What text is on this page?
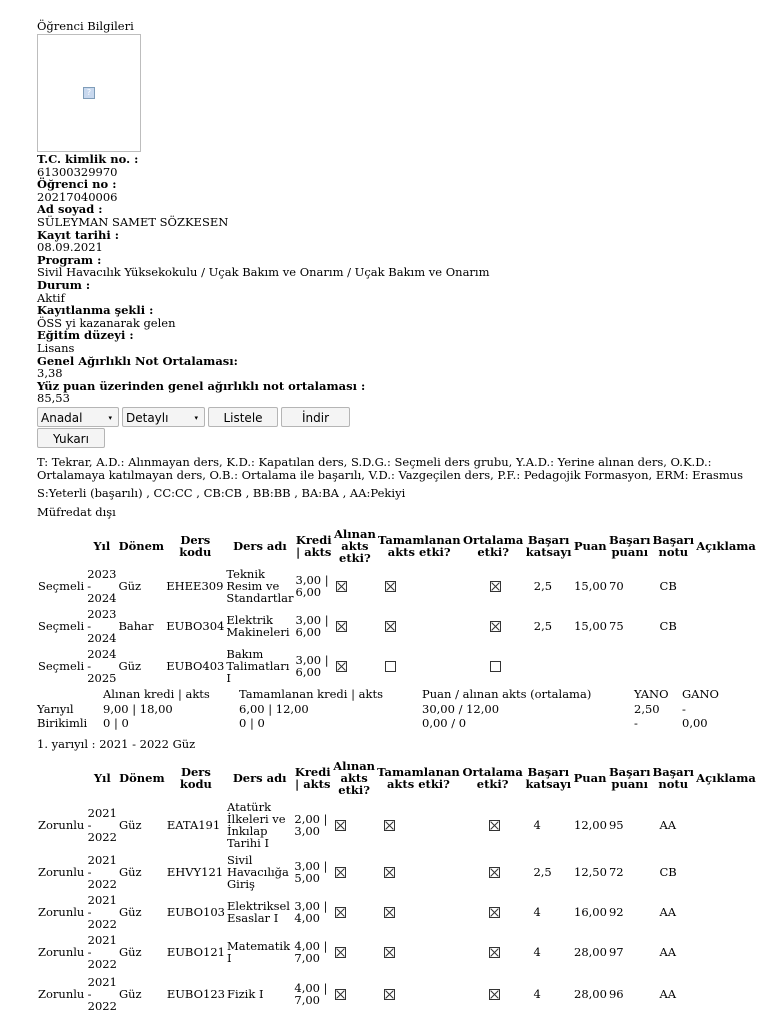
Öğrenci Bilgileri
?
T.C. kimlik no. :
61300329970
Öğrenci no :
20217040006
Ad soyad :
SÜLEYMAN SAMET SÖZKESEN
Kayıt tarihi :
08.09.2021
Program :
Sivil Havacılık Yüksekokulu / Uçak Bakım ve Onarım / Uçak Bakım ve Onarım
Durum :
Aktif
Kayıtlanma şekli :
ÖSS yi kazanarak gelen
Eğitim düzeyi :
Lisans
Genel Ağırlıklı Not Ortalaması:
3,38
Yüz puan üzerinden genel ağırlıklı not ortalaması :
85,53
Anadal	▾	Detaylı	▾	Listele	İndir
Yukarı
T: Tekrar, A.D.: Alınmayan ders, K.D.: Kapatılan ders, S.D.G.: Seçmeli ders grubu, Y.A.D.: Yerine alınan ders, O.K.D.: Ortalamaya katılmayan ders, O.B.: Ortalama ile başarılı, V.D.: Vazgeçilen ders, P.F.: Pedagojik Formasyon, ERM: Erasmus
S:Yeterli (başarılı) , CC:CC , CB:CB , BB:BB , BA:BA , AA:Pekiyi
Müfredat dışı
	Yıl	Dönem	Ders kodu	Ders adı	Kredi | akts	Alınan akts etki?	Tamamlanan akts etki?	Ortalama etki?	Başarı katsayı	Puan	Başarı puanı	Başarı notu	Açıklama
Seçmeli	2023 - 2024	Güz	EHEE309	Teknik Resim ve Standartlar	3,00 | 6,00				2,5	15,00	70	CB	
Seçmeli	2023 - 2024	Bahar	EUBO304	Elektrik Makineleri	3,00 | 6,00				2,5	15,00	75	CB	
Seçmeli	2024 - 2025	Güz	EUBO403	Bakım Talimatları I	3,00 | 6,00								
Alınan kredi | akts	Tamamlanan kredi | akts	Puan / alınan akts (ortalama)	YANO GANO
Yarıyıl	9,00 | 18,00	6,00 | 12,00	30,00 / 12,00	2,50 -
Birikimli 0 | 0	0 | 0	0,00 / 0	-	0,00
1. yarıyıl : 2021 - 2022 Güz
	Yıl	Dönem	Ders kodu	Ders adı	Kredi | akts	Alınan akts etki?	Tamamlanan akts etki?	Ortalama etki?	Başarı katsayı	Puan	Başarı puanı	Başarı notu	Açıklama
Zorunlu	2021 - 2022	Güz	EATA191	Atatürk İlkeleri ve İnkılap Tarihi I	2,00 | 3,00				4	12,00	95	AA	
Zorunlu	2021 - 2022	Güz	EHVY121	Sivil Havacılığa Giriş	3,00 | 5,00				2,5	12,50	72	CB	
Zorunlu	2021 - 2022	Güz	EUBO103	Elektriksel Esaslar I	3,00 | 4,00				4	16,00	92	AA	
Zorunlu	2021 - 2022	Güz	EUBO121	Matematik I	4,00 | 7,00				4	28,00	97	AA	
Zorunlu	2021 - 2022	Güz	EUBO123	Fizik I	4,00 | 7,00				4	28,00	96	AA	
